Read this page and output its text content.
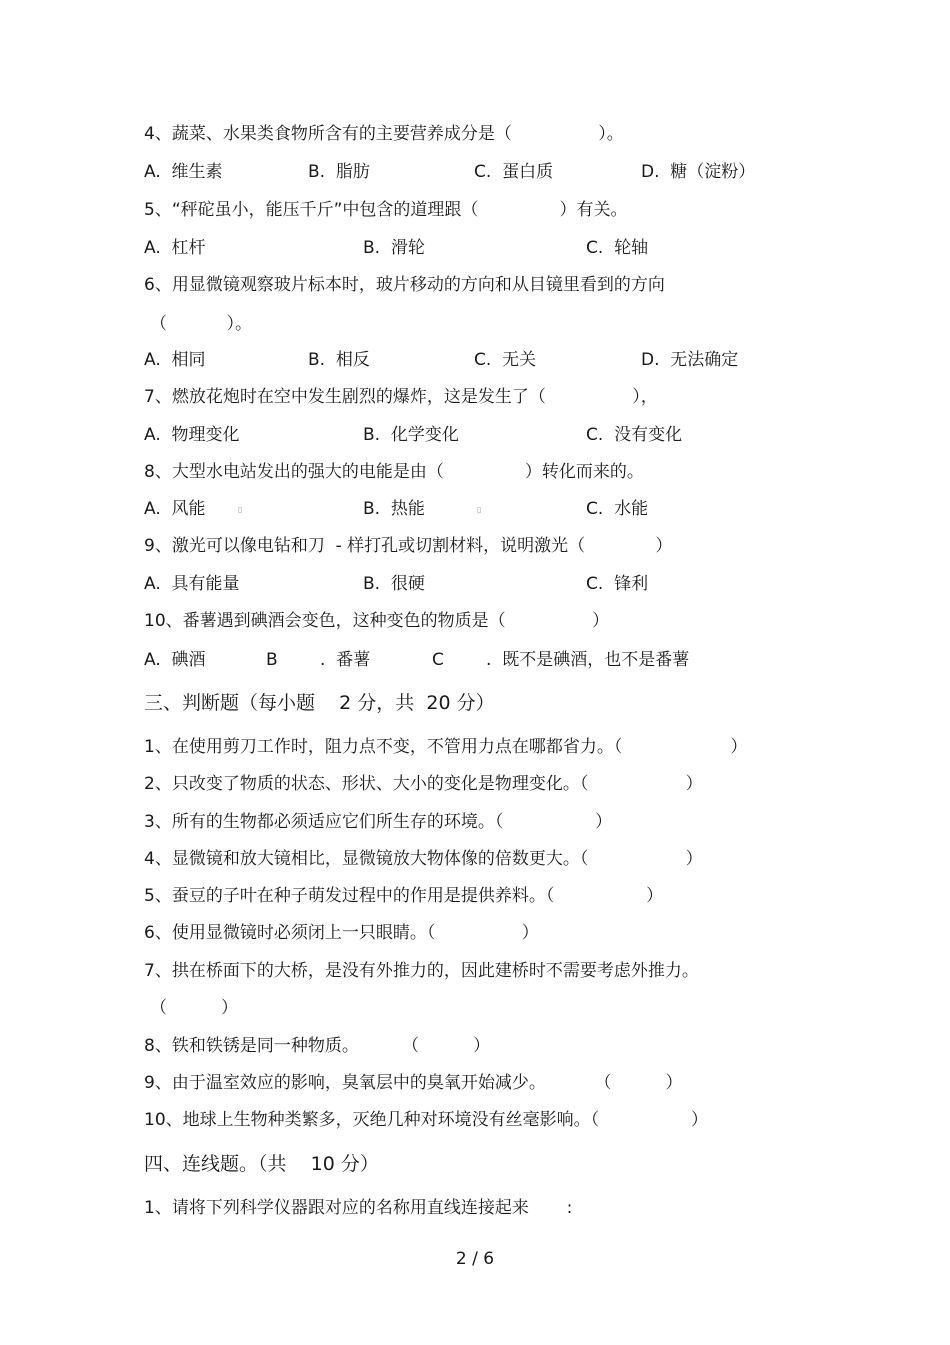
4、蔬菜、水果类食物所含有的主要营养成分是（                ）。

A.  维生素

	B.  脂肪

	C.  蛋白质

	D.  糖（淀粉）

5、“秤砣虽小，能压千斤”中包含的道理跟（               ）有关。

A.  杠杆

	B.  滑轮

	C.  轮轴

6、用显微镜观察玻片标本时，玻片移动的方向和从目镜里看到的方向
（           ）。

A.  相同

	B.  相反

	C.  无关

	D.  无法确定

7、燃放花炮时在空中发生剧烈的爆炸，这是发生了（                ），

A.  物理变化

	B.  化学变化

	C.  没有变化

8、大型水电站发出的强大的电能是由（               ）转化而来的。

A.  风能

	B.  热能

	C.  水能

▯	▯
9、激光可以像电钻和刀  - 样打孔或切割材料，说明激光（             ）

A.  具有能量

	B.  很硬

	C.  锋利

10、番薯遇到碘酒会变色，这种变色的物质是（                ）

A.  碘酒

	B

.  番薯

	C

.  既不是碘酒，也不是番薯

三、判断题（每小题    2 分，共  20 分）
1、在使用剪刀工作时，阻力点不变，不管用力点在哪都省力。（                    ）
2、只改变了物质的状态、形状、大小的变化是物理变化。（                  ）
3、所有的生物都必须适应它们所生存的环境。（                 ）
4、显微镜和放大镜相比，显微镜放大物体像的倍数更大。（                  ）
5、蚕豆的子叶在种子萌发过程中的作用是提供养料。（                 ）
6、使用显微镜时必须闭上一只眼睛。（                ）
7、拱在桥面下的大桥，是没有外推力的，因此建桥时不需要考虑外推力。
（          ）
8、铁和铁锈是同一种物质。        （          ）
9、由于温室效应的影响，臭氧层中的臭氧开始减少。         （          ）
10、地球上生物种类繁多，灭绝几种对环境没有丝毫影响。（                 ）
四、连线题。（共    10 分）
1、请将下列科学仪器跟对应的名称用直线连接起来       :
2 / 6
